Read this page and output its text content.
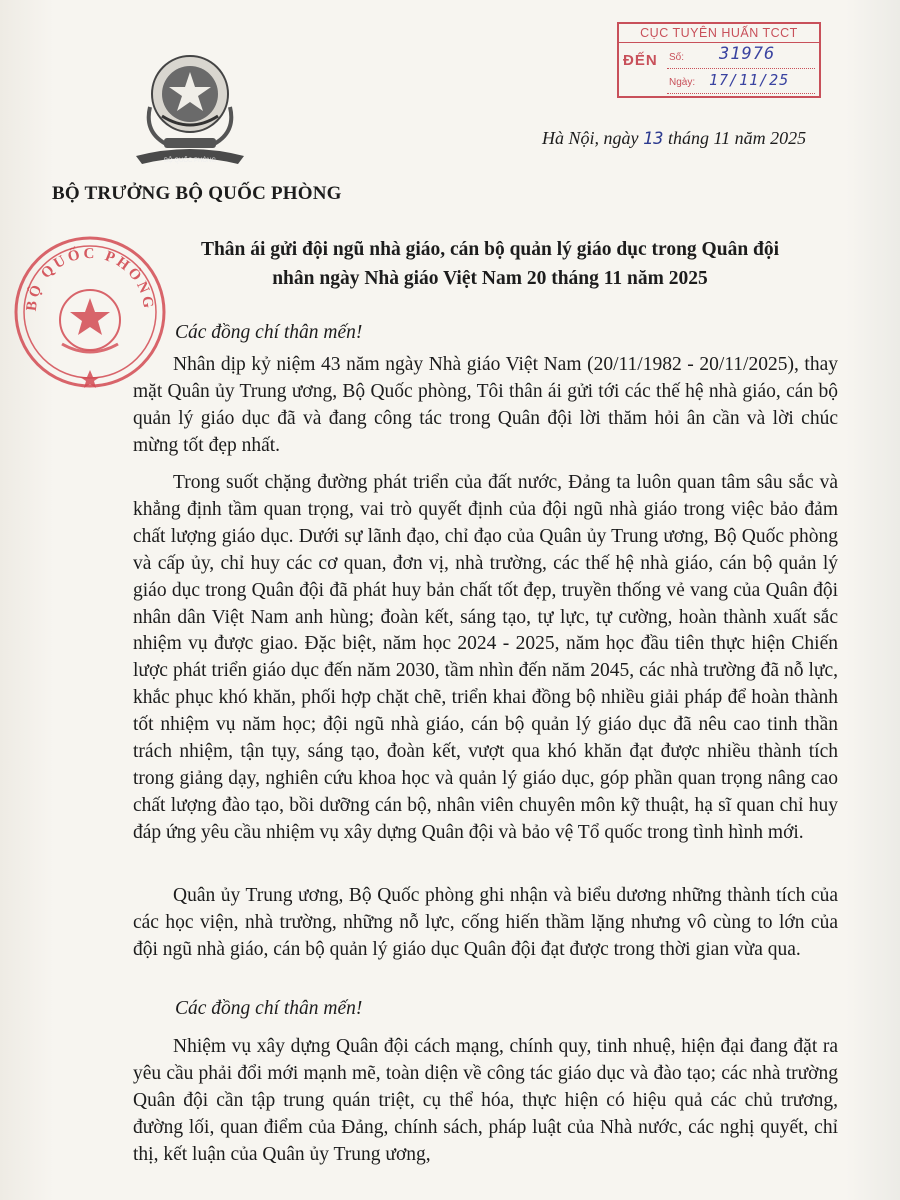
BỘ QUỐC PHÒNG
BỘ TRƯỞNG BỘ QUỐC PHÒNG
CỤC TUYÊN HUẤN TCCT
ĐẾN Số: 31976
Ngày: 17/11/25
Hà Nội, ngày 13 tháng 11 năm 2025
BỘ QUỐC PHÒNG
Thân ái gửi đội ngũ nhà giáo, cán bộ quản lý giáo dục trong Quân đội
nhân ngày Nhà giáo Việt Nam 20 tháng 11 năm 2025
Các đồng chí thân mến!
Nhân dịp kỷ niệm 43 năm ngày Nhà giáo Việt Nam (20/11/1982 - 20/11/2025), thay mặt Quân ủy Trung ương, Bộ Quốc phòng, Tôi thân ái gửi tới các thế hệ nhà giáo, cán bộ quản lý giáo dục đã và đang công tác trong Quân đội lời thăm hỏi ân cần và lời chúc mừng tốt đẹp nhất.
Trong suốt chặng đường phát triển của đất nước, Đảng ta luôn quan tâm sâu sắc và khẳng định tầm quan trọng, vai trò quyết định của đội ngũ nhà giáo trong việc bảo đảm chất lượng giáo dục. Dưới sự lãnh đạo, chỉ đạo của Quân ủy Trung ương, Bộ Quốc phòng và cấp ủy, chỉ huy các cơ quan, đơn vị, nhà trường, các thế hệ nhà giáo, cán bộ quản lý giáo dục trong Quân đội đã phát huy bản chất tốt đẹp, truyền thống vẻ vang của Quân đội nhân dân Việt Nam anh hùng; đoàn kết, sáng tạo, tự lực, tự cường, hoàn thành xuất sắc nhiệm vụ được giao. Đặc biệt, năm học 2024 - 2025, năm học đầu tiên thực hiện Chiến lược phát triển giáo dục đến năm 2030, tầm nhìn đến năm 2045, các nhà trường đã nỗ lực, khắc phục khó khăn, phối hợp chặt chẽ, triển khai đồng bộ nhiều giải pháp để hoàn thành tốt nhiệm vụ năm học; đội ngũ nhà giáo, cán bộ quản lý giáo dục đã nêu cao tinh thần trách nhiệm, tận tụy, sáng tạo, đoàn kết, vượt qua khó khăn đạt được nhiều thành tích trong giảng dạy, nghiên cứu khoa học và quản lý giáo dục, góp phần quan trọng nâng cao chất lượng đào tạo, bồi dưỡng cán bộ, nhân viên chuyên môn kỹ thuật, hạ sĩ quan chỉ huy đáp ứng yêu cầu nhiệm vụ xây dựng Quân đội và bảo vệ Tổ quốc trong tình hình mới.
Quân ủy Trung ương, Bộ Quốc phòng ghi nhận và biểu dương những thành tích của các học viện, nhà trường, những nỗ lực, cống hiến thầm lặng nhưng vô cùng to lớn của đội ngũ nhà giáo, cán bộ quản lý giáo dục Quân đội đạt được trong thời gian vừa qua.
Các đồng chí thân mến!
Nhiệm vụ xây dựng Quân đội cách mạng, chính quy, tinh nhuệ, hiện đại đang đặt ra yêu cầu phải đổi mới mạnh mẽ, toàn diện về công tác giáo dục và đào tạo; các nhà trường Quân đội cần tập trung quán triệt, cụ thể hóa, thực hiện có hiệu quả các chủ trương, đường lối, quan điểm của Đảng, chính sách, pháp luật của Nhà nước, các nghị quyết, chỉ thị, kết luận của Quân ủy Trung ương,
